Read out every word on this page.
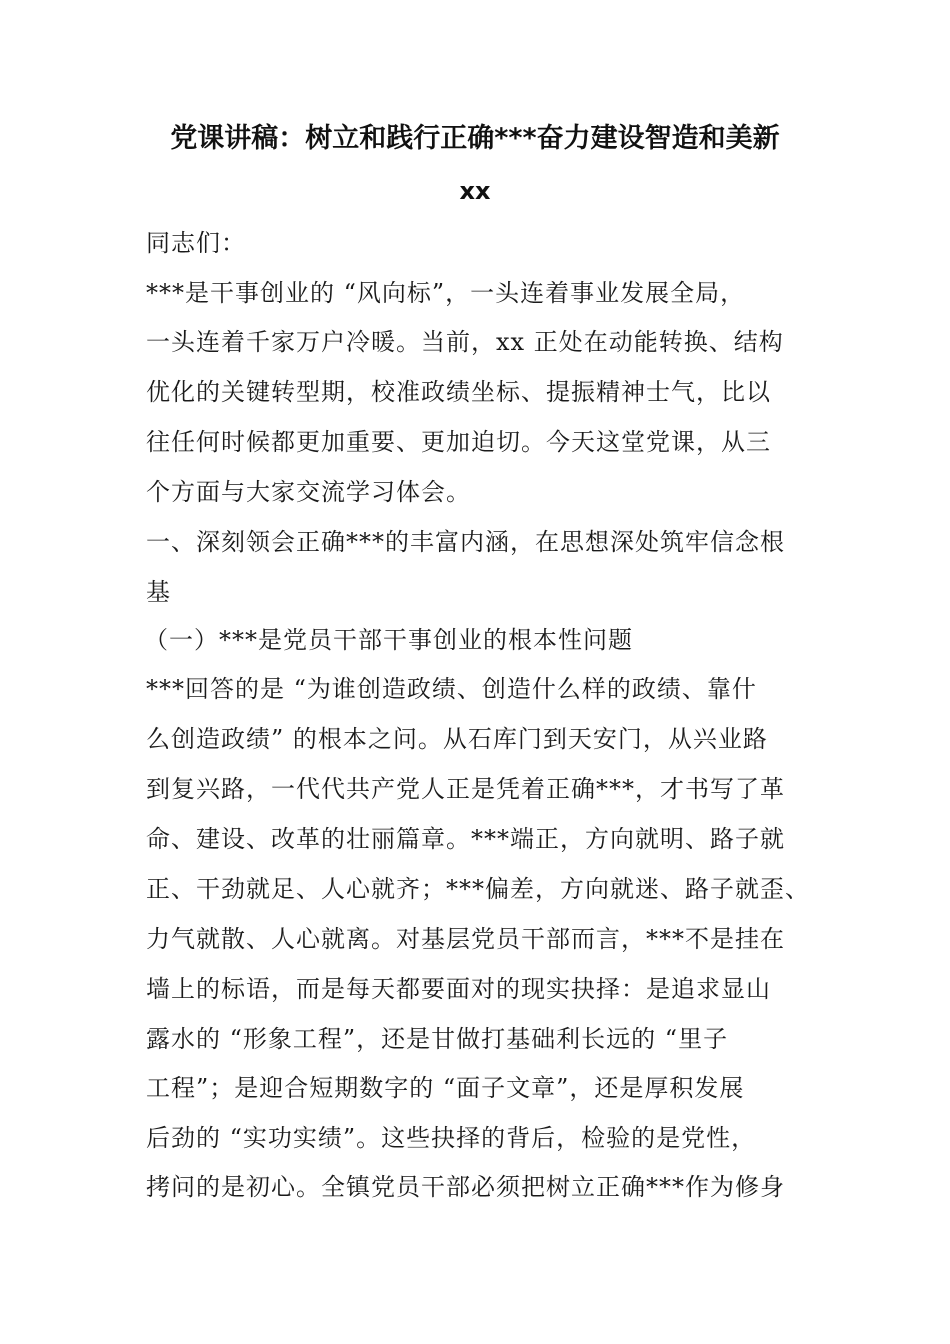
党课讲稿：树立和践行正确***奋力建设智造和美新
xx
同志们：
***是干事创业的 “风向标”，一头连着事业发展全局，
一头连着千家万户冷暖。当前，xx 正处在动能转换、结构
优化的关键转型期，校准政绩坐标、提振精神士气，比以
往任何时候都更加重要、更加迫切。今天这堂党课，从三
个方面与大家交流学习体会。
一、深刻领会正确***的丰富内涵，在思想深处筑牢信念根
基
（一）***是党员干部干事创业的根本性问题
***回答的是 “为谁创造政绩、创造什么样的政绩、靠什
么创造政绩” 的根本之问。从石库门到天安门，从兴业路
到复兴路，一代代共产党人正是凭着正确***，才书写了革
命、建设、改革的壮丽篇章。***端正，方向就明、路子就
正、干劲就足、人心就齐；***偏差，方向就迷、路子就歪、
力气就散、人心就离。对基层党员干部而言，***不是挂在
墙上的标语，而是每天都要面对的现实抉择：是追求显山
露水的 “形象工程”，还是甘做打基础利长远的 “里子
工程”；是迎合短期数字的 “面子文章”，还是厚积发展
后劲的 “实功实绩”。这些抉择的背后，检验的是党性，
拷问的是初心。全镇党员干部必须把树立正确***作为修身
